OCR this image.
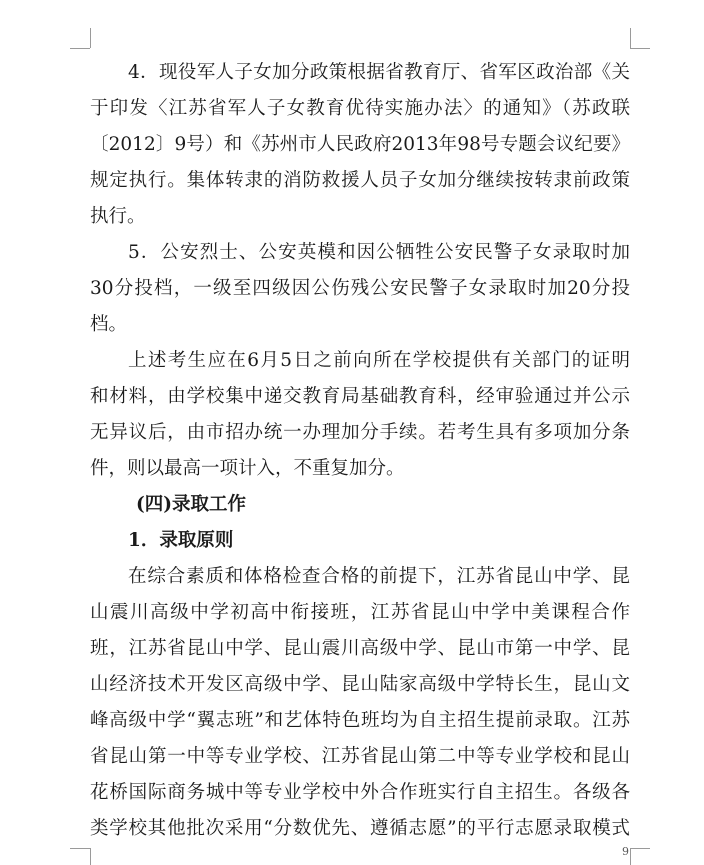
4．现役军人子女加分政策根据省教育厅、省军区政治部《关
于印发〈江苏省军人子女教育优待实施办法〉的通知》（苏政联
〔2012〕9号）和《苏州市人民政府2013年98号专题会议纪要》
规定执行。集体转隶的消防救援人员子女加分继续按转隶前政策
执行。
5．公安烈士、公安英模和因公牺牲公安民警子女录取时加
30分投档，一级至四级因公伤残公安民警子女录取时加20分投
档。
上述考生应在6月5日之前向所在学校提供有关部门的证明
和材料，由学校集中递交教育局基础教育科，经审验通过并公示
无异议后，由市招办统一办理加分手续。若考生具有多项加分条
件，则以最高一项计入，不重复加分。
(四)录取工作
1．录取原则
在综合素质和体格检查合格的前提下，江苏省昆山中学、昆
山震川高级中学初高中衔接班，江苏省昆山中学中美课程合作
班，江苏省昆山中学、昆山震川高级中学、昆山市第一中学、昆
山经济技术开发区高级中学、昆山陆家高级中学特长生，昆山文
峰高级中学“翼志班”和艺体特色班均为自主招生提前录取。江苏
省昆山第一中等专业学校、江苏省昆山第二中等专业学校和昆山
花桥国际商务城中等专业学校中外合作班实行自主招生。各级各
类学校其他批次采用“分数优先、遵循志愿”的平行志愿录取模式
9
